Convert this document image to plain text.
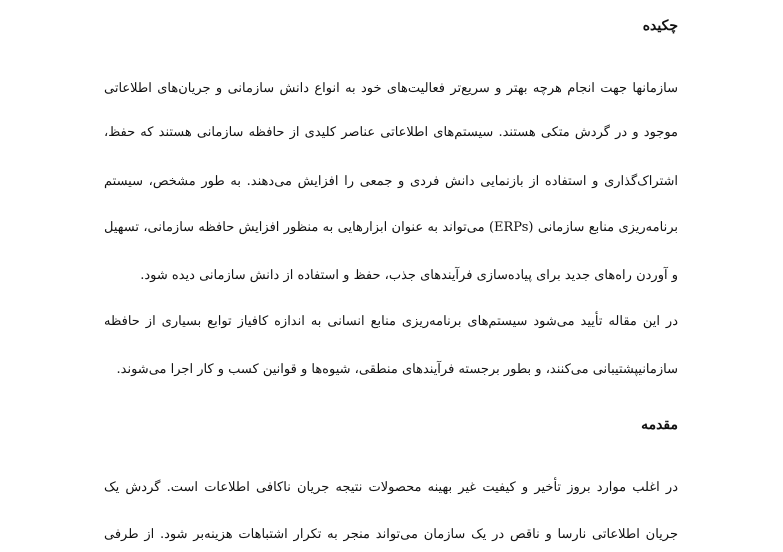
چکیده

سازمانها جهت انجام هرچه بهتر و سریع‌تر فعالیت‌های خود به انواع دانش سازمانی و جریان‌های اطلاعاتی

موجود و در گردش متکی هستند. سیستم‌های اطلاعاتی عناصر کلیدی از حافظه سازمانی هستند که حفظ،

اشتراک‌گذاری و استفاده از بازنمایی دانش فردی و جمعی را افزایش می‌دهند. به طور مشخص، سیستم

برنامه‌ریزی منابع سازمانی (ERPs) می‌تواند به عنوان ابزارهایی به منظور افزایش حافظه سازمانی، تسهیل

و آوردن راه‌های جدید برای پیاده‌سازی فرآیندهای جذب، حفظ و استفاده از دانش سازمانی دیده شود.

در این مقاله تأیید می‌شود سیستم‌های برنامه‌ریزی منابع انسانی به اندازه کافیاز توابع بسیاری از حافظه

سازمانیپشتیبانی می‌کنند، و بطور برجسته فرآیندهای منطقی، شیوه‌ها و قوانین کسب و کار اجرا می‌شوند.

مقدمه

در اغلب موارد بروز تأخیر و کیفیت غیر بهینه محصولات نتیجه جریان ناکافی اطلاعات است. گردش یک

جریان اطلاعاتی نارسا و ناقص در یک سازمان می‌تواند منجر به تکرار اشتباهات هزینه‌بر شود. از طرفی
